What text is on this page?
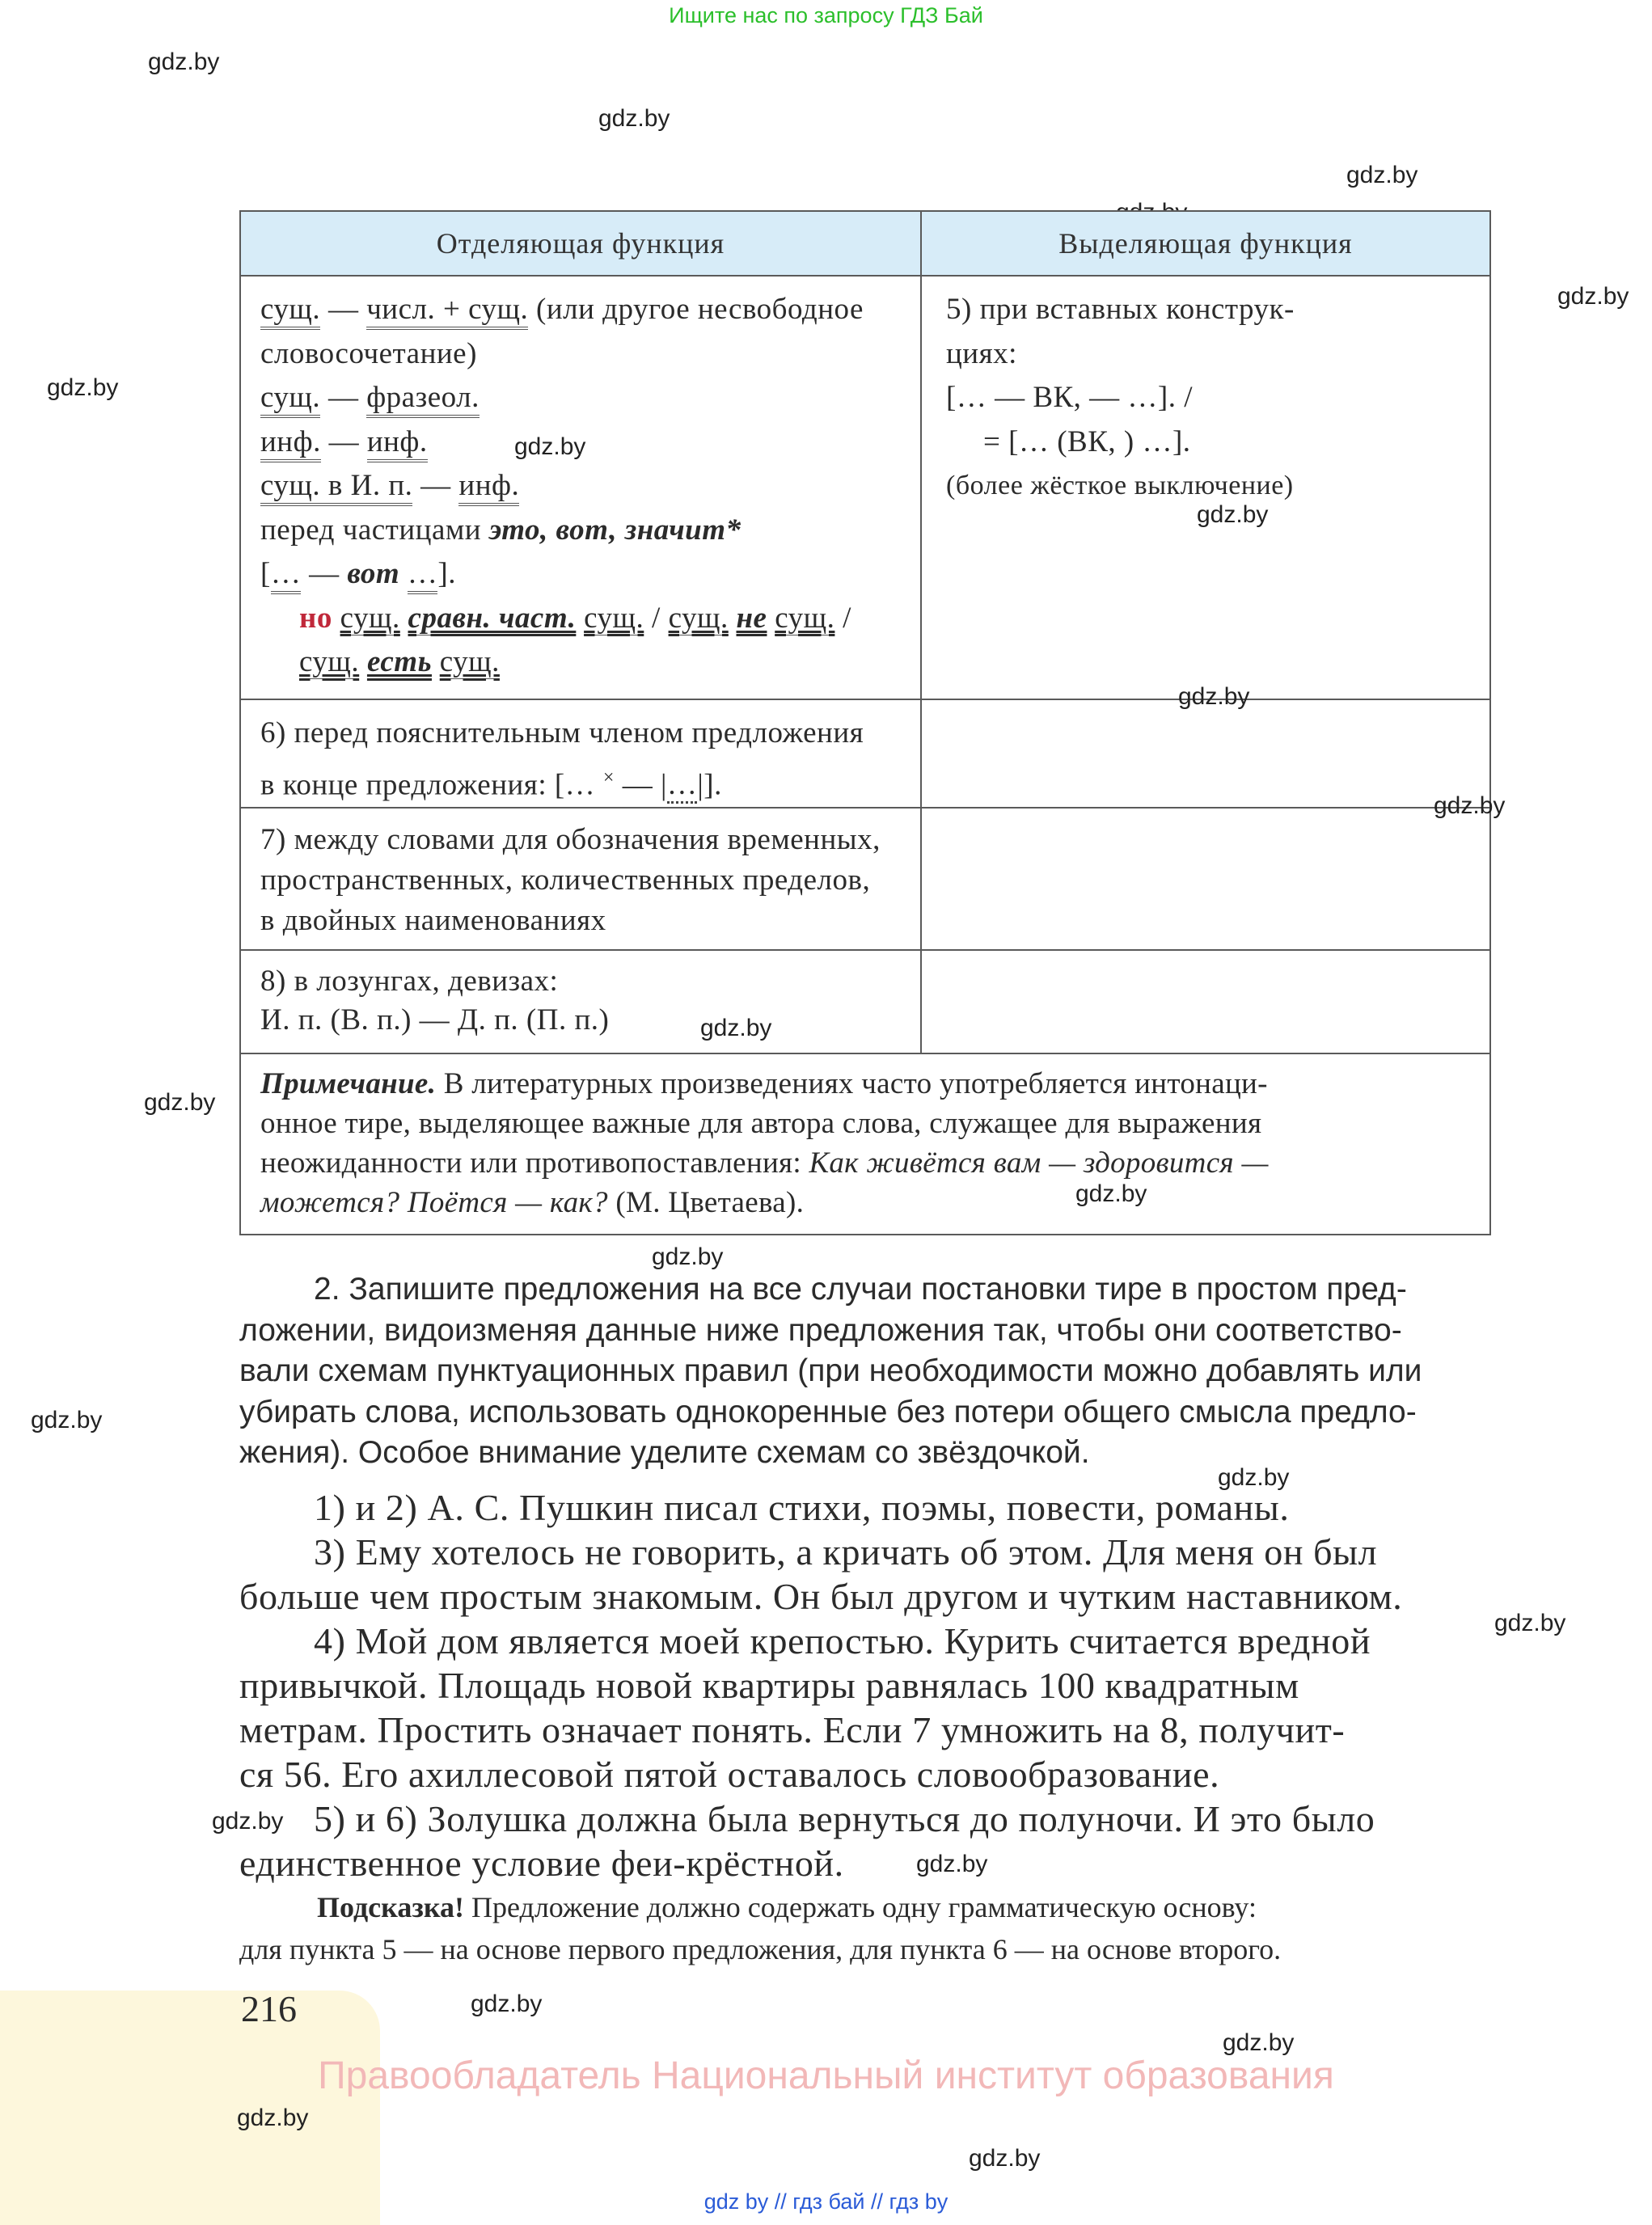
Ищите нас по запросу ГДЗ Бай
gdz.by
gdz.by
gdz.by
gdz.by
gdz.by
Отделяющая функция	Выделяющая функция
сущ. — числ. + сущ. (или другое несвободное
словосочетание)
сущ. — фразеол.
инф. — инф.
сущ. в И. п. — инф.
перед частицами это, вот, значит*
[… — вот …].
но сущ. сравн. част. сущ. / сущ. не сущ. /
сущ. есть сущ.
5) при вставных конструк-
циях:
[… — ВК, — …]. /
= [… (ВК, ) …].
(более жёсткое выключение)
6) перед пояснительным членом предложения
в конце предложения: [… × — |…|].
7) между словами для обозначения временных,
пространственных, количественных пределов,
в двойных наименованиях
8) в лозунгах, девизах:
И. п. (В. п.) — Д. п. (П. п.)
Примечание. В литературных произведениях часто употребляется интонаци-
онное тире, выделяющее важные для автора слова, служащее для выражения
неожиданности или противопоставления: Как живётся вам — здоровится —
можется? Поётся — как? (М. Цветаева).
gdz.by
gdz.by
gdz.by
gdz.by
gdz.by
gdz.by
gdz.by
gdz.by
2. Запишите предложения на все случаи постановки тире в простом пред-
ложении, видоизменяя данные ниже предложения так, чтобы они соответство-
вали схемам пунктуационных правил (при необходимости можно добавлять или
убирать слова, использовать однокоренные без потери общего смысла предло-
жения). Особое внимание уделите схемам со звёздочкой.
gdz.by
gdz.by
1) и 2) А. С. Пушкин писал стихи, поэмы, повести, романы.
3) Ему хотелось не говорить, а кричать об этом. Для меня он был
больше чем простым знакомым. Он был другом и чутким наставником.
4) Мой дом является моей крепостью. Курить считается вредной
привычкой. Площадь новой квартиры равнялась 100 квадратным
метрам. Простить означает понять. Если 7 умножить на 8, получит-
ся 56. Его ахиллесовой пятой оставалось словообразование.
5) и 6) Золушка должна была вернуться до полуночи. И это было
единственное условие феи-крёстной.
gdz.by
gdz.by
gdz.by
Подсказка! Предложение должно содержать одну грамматическую основу:
для пункта 5 — на основе первого предложения, для пункта 6 — на основе второго.
216	gdz.by
gdz.by
Правообладатель Национальный институт образования
gdz.by
gdz.by
gdz by // гдз бай // гдз by
